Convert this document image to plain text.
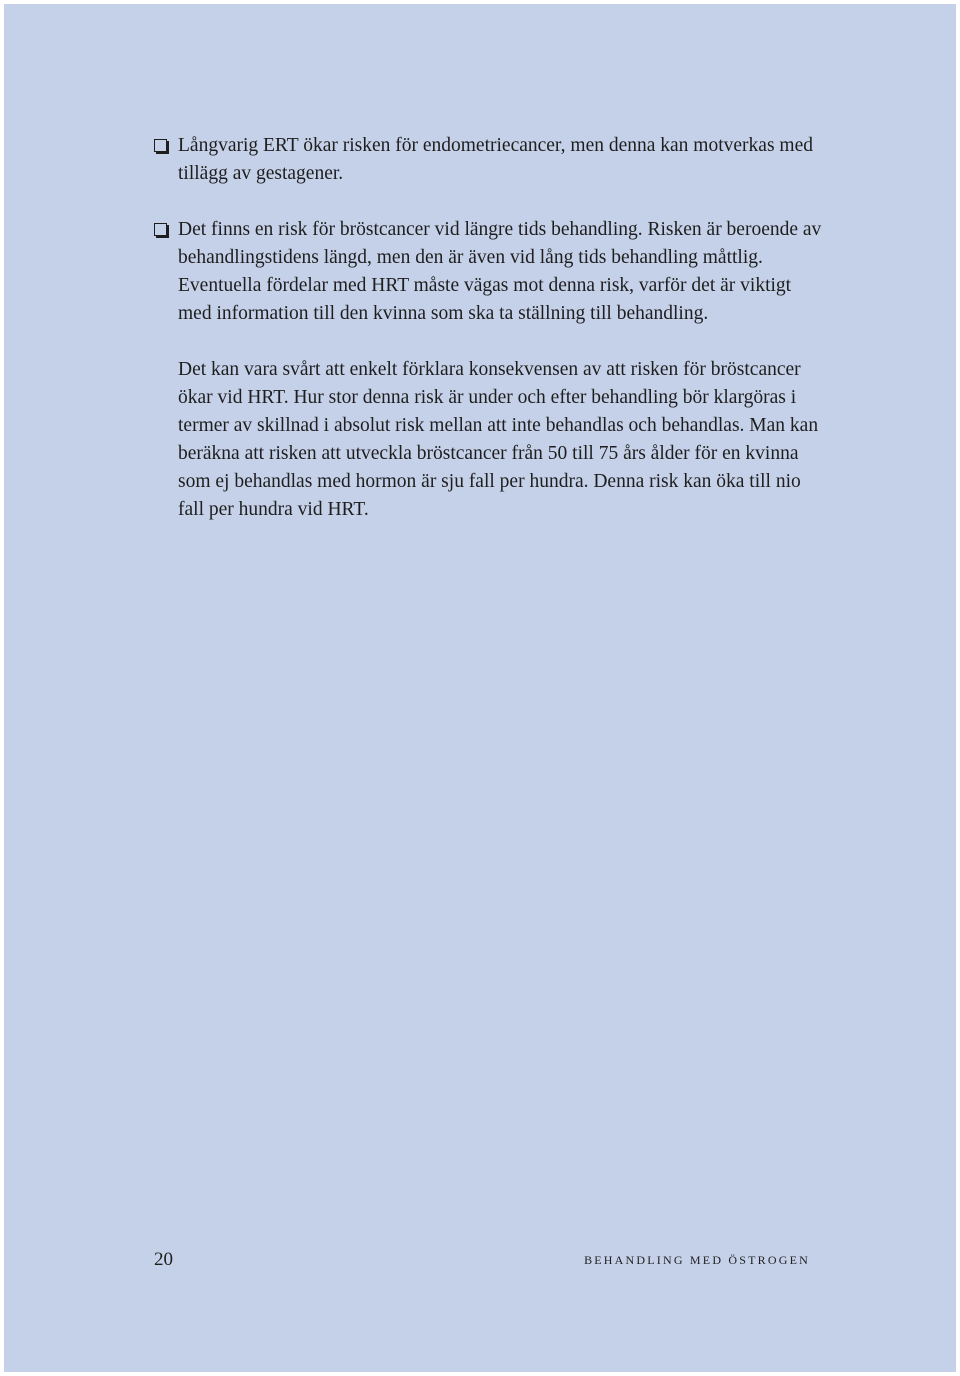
Långvarig ERT ökar risken för endometriecancer, men denna kan motverkas med tillägg av gestagener.

Det finns en risk för bröstcancer vid längre tids behandling. Risken är beroende av behandlingstidens längd, men den är även vid lång tids behandling måttlig. Eventuella fördelar med HRT måste vägas mot denna risk, varför det är viktigt med information till den kvinna som ska ta ställning till behandling.

Det kan vara svårt att enkelt förklara konsekvensen av att risken för bröstcancer ökar vid HRT. Hur stor denna risk är under och efter behandling bör klargöras i termer av skillnad i absolut risk mellan att inte behandlas och behandlas. Man kan beräkna att risken att utveckla bröstcancer från 50 till 75 års ålder för en kvinna som ej behandlas med hormon är sju fall per hundra. Denna risk kan öka till nio fall per hundra vid HRT.

20	BEHANDLING MED ÖSTROGEN
